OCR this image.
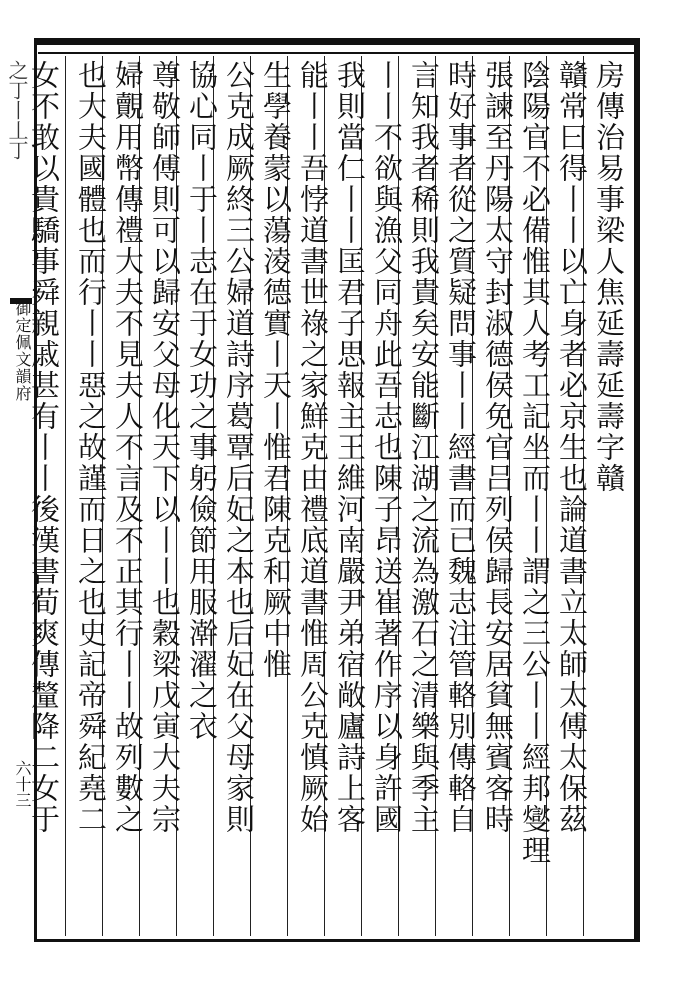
之丁丨丄丁
御定佩文韻府
六十三
房傳治易事梁人焦延壽延壽字贛
贛常曰得丨丨以亡身者必京生也論道書立太師太傅太保茲
陰陽官不必備惟其人考工記坐而丨丨謂之三公丨丨經邦燮理
張諫至丹陽太守封淑德侯免官吕列侯歸長安居貧無賓客時
時好事者從之質疑問事丨丨經書而已魏志注管輅別傳輅自
言知我者稀則我貴矣安能斷江湖之流為激石之清樂與季主
丨丨不欲與漁父同舟此吾志也陳子昂送崔著作序以身許國
我則當仁丨丨匡君子思報主王維河南嚴尹弟宿敞廬詩上客
能丨丨吾悖道書世祿之家鮮克由禮底道書惟周公克慎厥始
生學養蒙以蕩淩德實丨天丨惟君陳克和厥中惟
公克成厥終三公婦道詩序葛覃后妃之本也后妃在父母家則
協心同丨于丨志在于女功之事躬儉節用服澣濯之衣
尊敬師傅則可以歸安父母化天下以丨丨也穀梁戊寅大夫宗
婦覿用幣傳禮大夫不見夫人不言及不正其行丨丨故列數之
也大夫國體也而行丨丨惡之故謹而日之也史記帝舜紀堯二
女不敢以貴驕事舜親戚甚有丨丨後漢書荀爽傳釐降二女于
